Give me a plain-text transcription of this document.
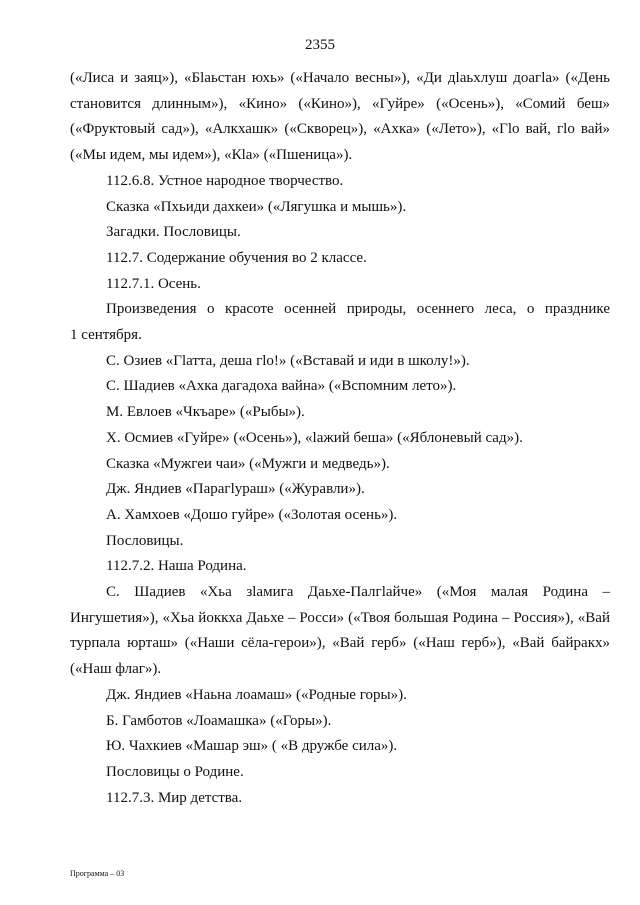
2355
(«Лиса и заяц»), «Бlаьстан юхь» («Начало весны»), «Ди дlаьхлуш доагlа» («День
становится длинным»), «Кино» («Кино»), «Гуйре» («Осень»), «Сомий беш»
(«Фруктовый сад»), «Алкхашк» («Скворец»), «Ахка» («Лето»), «Гlо вай, гlо вай»
(«Мы идем, мы идем»), «Кlа» («Пшеница»).

112.6.8. Устное народное творчество.

Сказка «Пхьиди дахкеи» («Лягушка и мышь»).

Загадки. Пословицы.

112.7. Содержание обучения во 2 классе.

112.7.1. Осень.

Произведения о красоте осенней природы, осеннего леса, о празднике
1 сентября.

С. Озиев «Гlатта, деша гlо!» («Вставай и иди в школу!»).

С. Шадиев «Ахка дагадоха вайна» («Вспомним лето»).

М. Евлоев «Чкъаре» («Рыбы»).

Х. Осмиев «Гуйре» («Осень»), «lажий беша» («Яблоневый сад»).

Сказка «Мужгеи чаи» («Мужги и медведь»).

Дж. Яндиев «Парагlураш» («Журавли»).

А. Хамхоев «Дошо гуйре» («Золотая осень»).

Пословицы.

112.7.2. Наша Родина.

С. Шадиев «Хьа зlамига Даьхе-Палгlайче» («Моя малая Родина –
Ингушетия»), «Хьа йоккха Даьхе – Росси» («Твоя большая Родина – Россия»), «Вай
турпала юрташ» («Наши сёла-герои»), «Вай герб» («Наш герб»), «Вай байракх»
(«Наш флаг»).

Дж. Яндиев «Наьна лоамаш» («Родные горы»).

Б. Гамботов «Лоамашка» («Горы»).

Ю. Чахкиев «Машар эш» ( «В дружбе сила»).

Пословицы о Родине.

112.7.3. Мир детства.

Программа – 03
